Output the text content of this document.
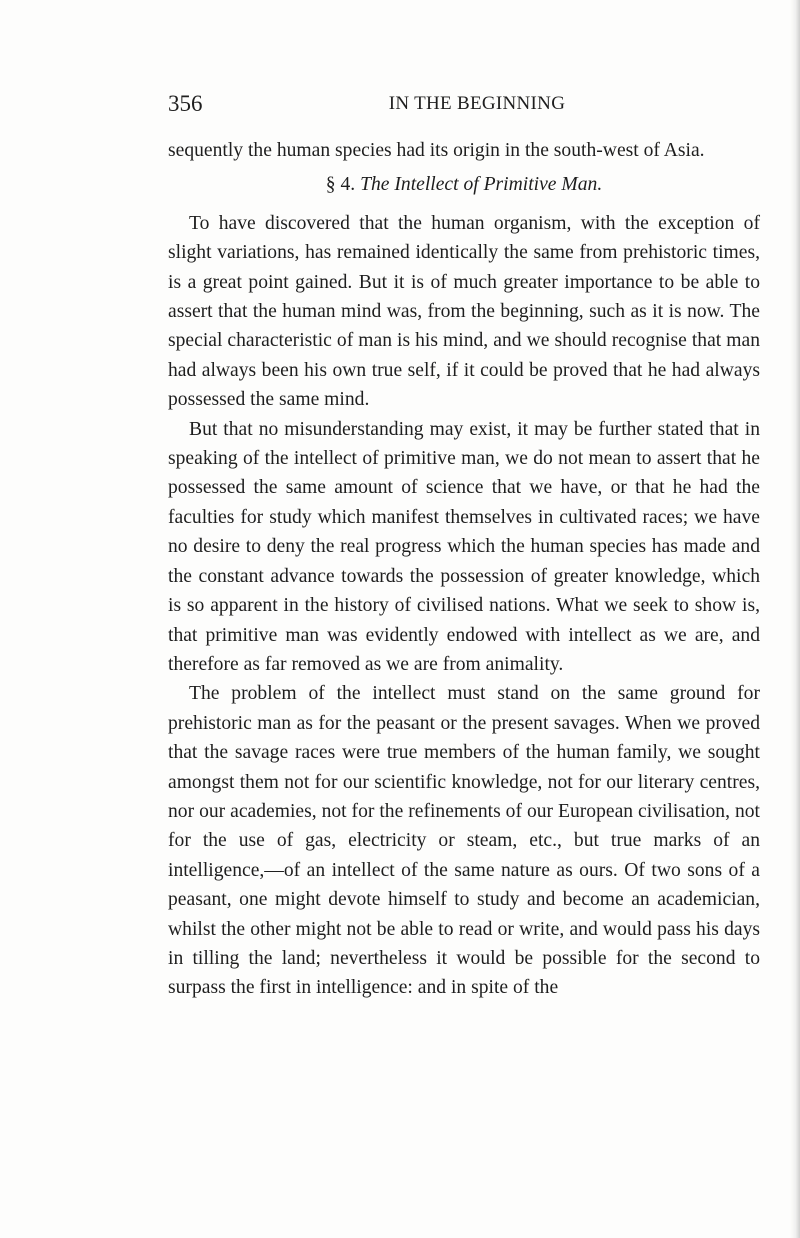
356	IN THE BEGINNING

sequently the human species had its origin in the south-west of Asia.

§ 4. The Intellect of Primitive Man.

To have discovered that the human organism, with the exception of slight variations, has remained identically the same from prehistoric times, is a great point gained. But it is of much greater importance to be able to assert that the human mind was, from the beginning, such as it is now. The special characteristic of man is his mind, and we should recognise that man had always been his own true self, if it could be proved that he had always possessed the same mind.

But that no misunderstanding may exist, it may be further stated that in speaking of the intellect of primitive man, we do not mean to assert that he possessed the same amount of science that we have, or that he had the faculties for study which manifest themselves in cultivated races; we have no desire to deny the real progress which the human species has made and the constant advance towards the possession of greater knowledge, which is so apparent in the history of civilised nations. What we seek to show is, that primitive man was evidently endowed with intellect as we are, and therefore as far removed as we are from animality.

The problem of the intellect must stand on the same ground for prehistoric man as for the peasant or the present savages. When we proved that the savage races were true members of the human family, we sought amongst them not for our scientific knowledge, not for our literary centres, nor our academies, not for the refinements of our European civilisation, not for the use of gas, electricity or steam, etc., but true marks of an intelligence,—of an intellect of the same nature as ours. Of two sons of a peasant, one might devote himself to study and become an academician, whilst the other might not be able to read or write, and would pass his days in tilling the land; nevertheless it would be possible for the second to surpass the first in intelligence: and in spite of the
